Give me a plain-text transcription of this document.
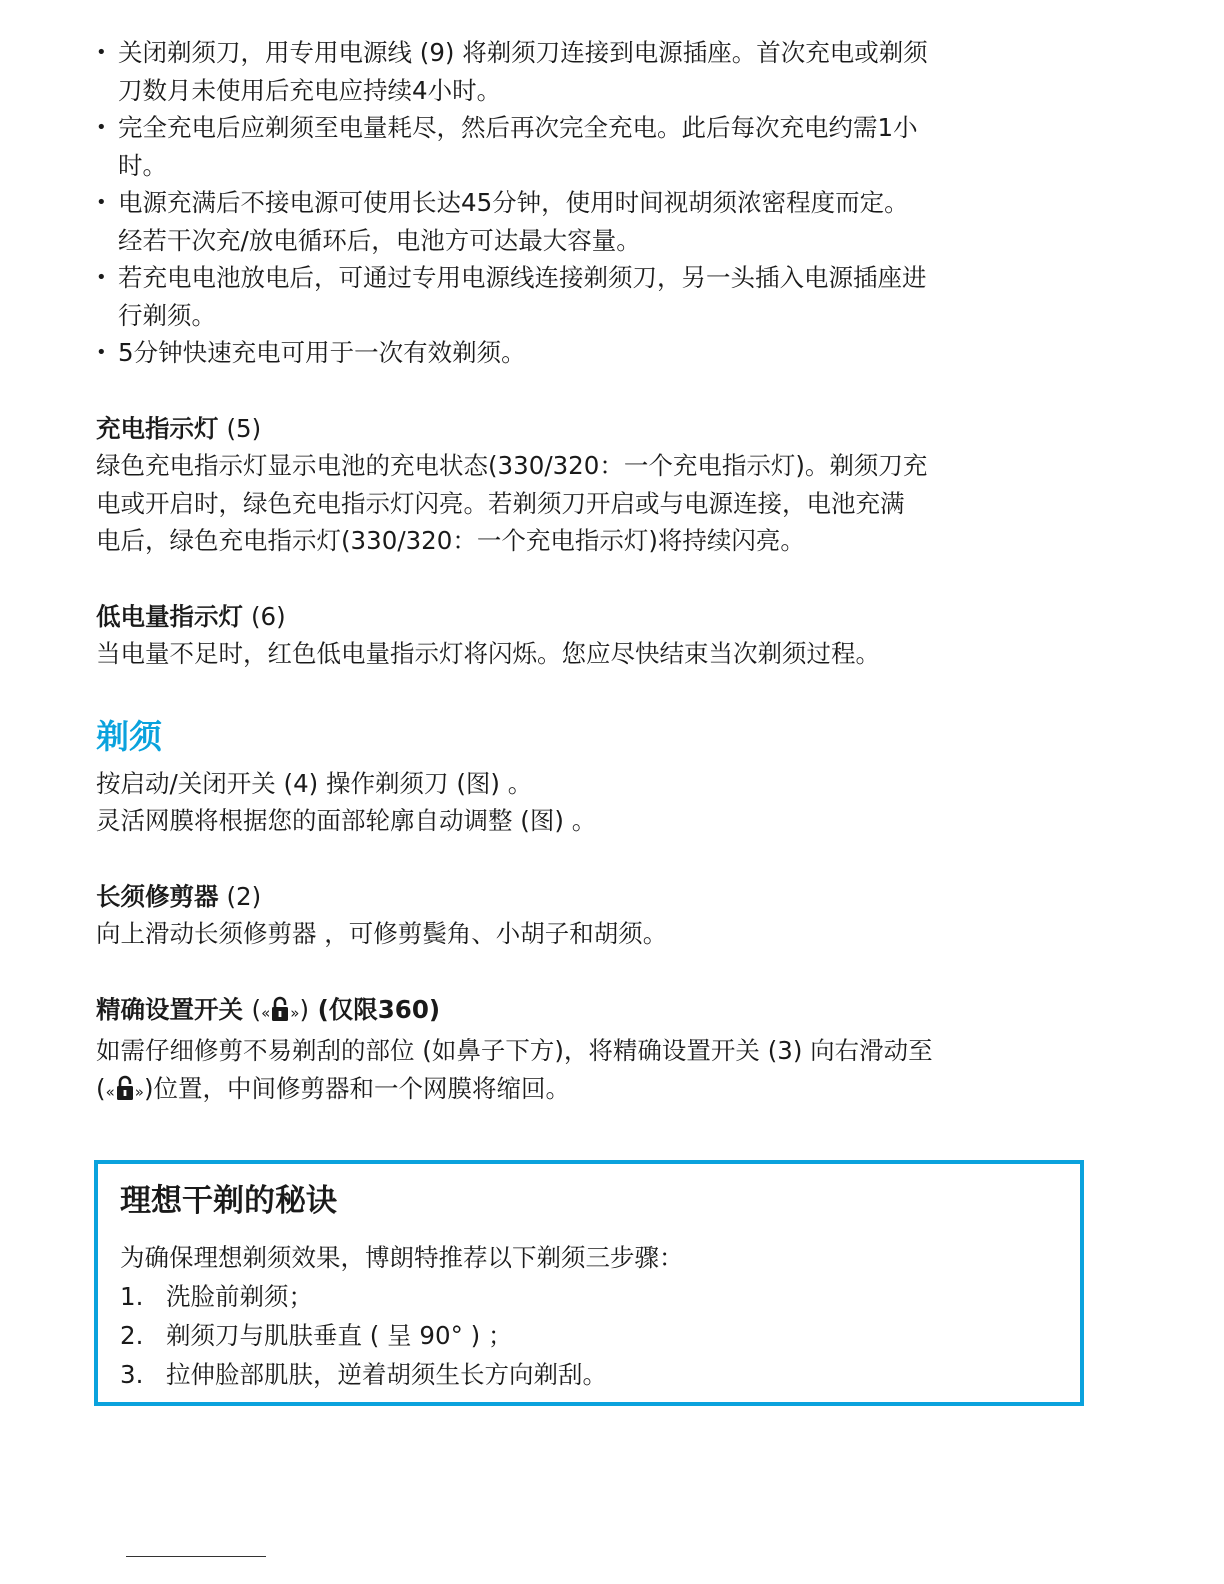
• 关闭剃须刀，用专用电源线 (9) 将剃须刀连接到电源插座。首次充电或剃须
刀数月未使用后充电应持续4小时。
• 完全充电后应剃须至电量耗尽，然后再次完全充电。此后每次充电约需1小
时。
• 电源充满后不接电源可使用长达45分钟，使用时间视胡须浓密程度而定。
经若干次充/放电循环后，电池方可达最大容量。
• 若充电电池放电后，可通过专用电源线连接剃须刀，另一头插入电源插座进
行剃须。
• 5分钟快速充电可用于一次有效剃须。
充电指示灯 (5)

绿色充电指示灯显示电池的充电状态(330/320：一个充电指示灯)。剃须刀充

电或开启时，绿色充电指示灯闪亮。若剃须刀开启或与电源连接，电池充满

电后，绿色充电指示灯(330/320：一个充电指示灯)将持续闪亮。

低电量指示灯 (6)

当电量不足时，红色低电量指示灯将闪烁。您应尽快结束当次剃须过程。

剃须

按启动/关闭开关 (4) 操作剃须刀 (图) 。

灵活网膜将根据您的面部轮廓自动调整 (图) 。

长须修剪器 (2)

向上滑动长须修剪器 ，可修剪鬓角、小胡子和胡须。

精确设置开关 (« ») (仅限360)

如需仔细修剪不易剃刮的部位 (如鼻子下方)，将精确设置开关 (3) 向右滑动至

(« »)位置，中间修剪器和一个网膜将缩回。

理想干剃的秘诀
为确保理想剃须效果，博朗特推荐以下剃须三步骤：
1. 洗脸前剃须；
2. 剃须刀与肌肤垂直 ( 呈 90° ) ；
3. 拉伸脸部肌肤，逆着胡须生长方向剃刮。
